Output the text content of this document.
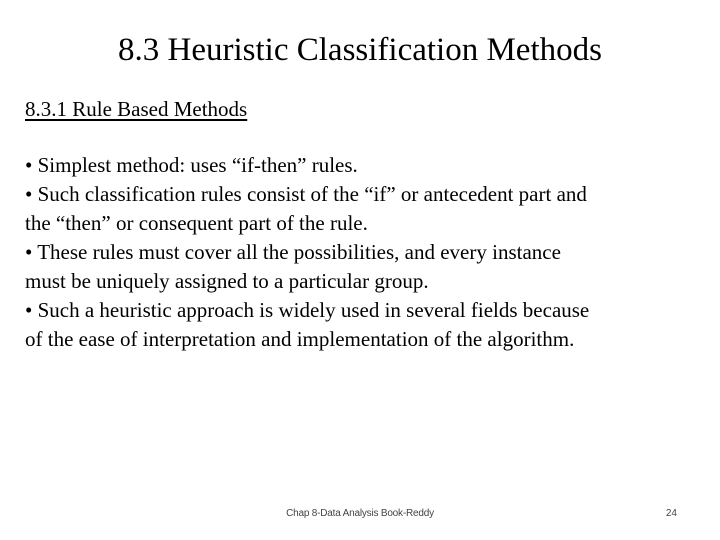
8.3 Heuristic Classification Methods

8.3.1 Rule Based Methods

• Simplest method: uses “if-then” rules.
• Such classification rules consist of the “if” or antecedent part and
the “then” or consequent part of the rule.
• These rules must cover all the possibilities, and every instance
must be uniquely assigned to a particular group.
• Such a heuristic approach is widely used in several fields because
of the ease of interpretation and implementation of the algorithm.
Chap 8-Data Analysis Book-Reddy	24
